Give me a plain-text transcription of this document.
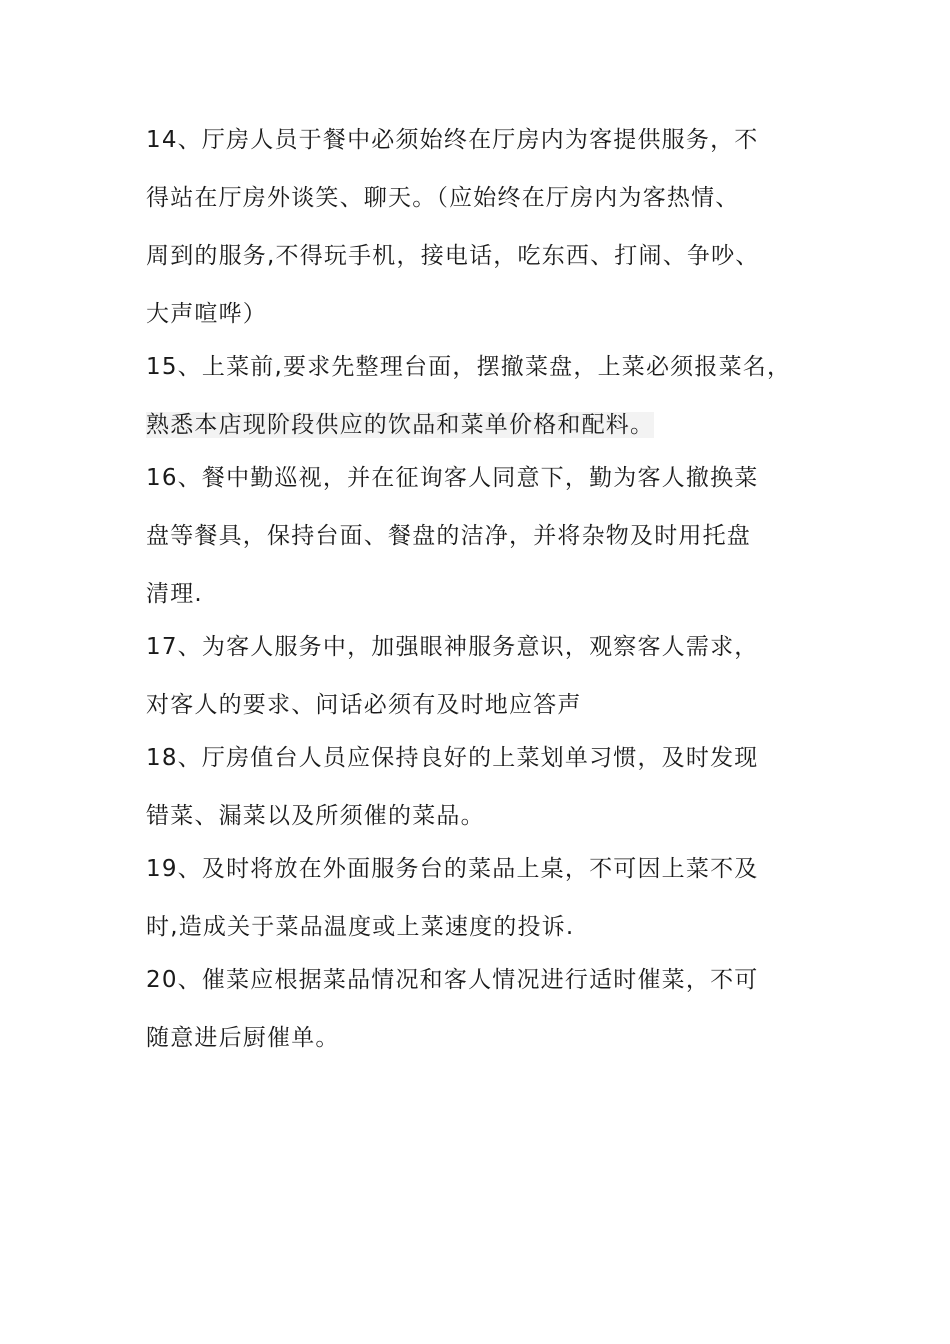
14、厅房人员于餐中必须始终在厅房内为客提供服务，不
得站在厅房外谈笑、聊天。（应始终在厅房内为客热情、
周到的服务,不得玩手机，接电话，吃东西、打闹、争吵、
大声喧哗）
15、上菜前,要求先整理台面，摆撤菜盘，上菜必须报菜名，
熟悉本店现阶段供应的饮品和菜单价格和配料。
16、餐中勤巡视，并在征询客人同意下，勤为客人撤换菜
盘等餐具，保持台面、餐盘的洁净，并将杂物及时用托盘
清理.
17、为客人服务中，加强眼神服务意识，观察客人需求，
对客人的要求、问话必须有及时地应答声
18、厅房值台人员应保持良好的上菜划单习惯，及时发现
错菜、漏菜以及所须催的菜品。
19、及时将放在外面服务台的菜品上桌，不可因上菜不及
时,造成关于菜品温度或上菜速度的投诉.
20、催菜应根据菜品情况和客人情况进行适时催菜，不可
随意进后厨催单。
